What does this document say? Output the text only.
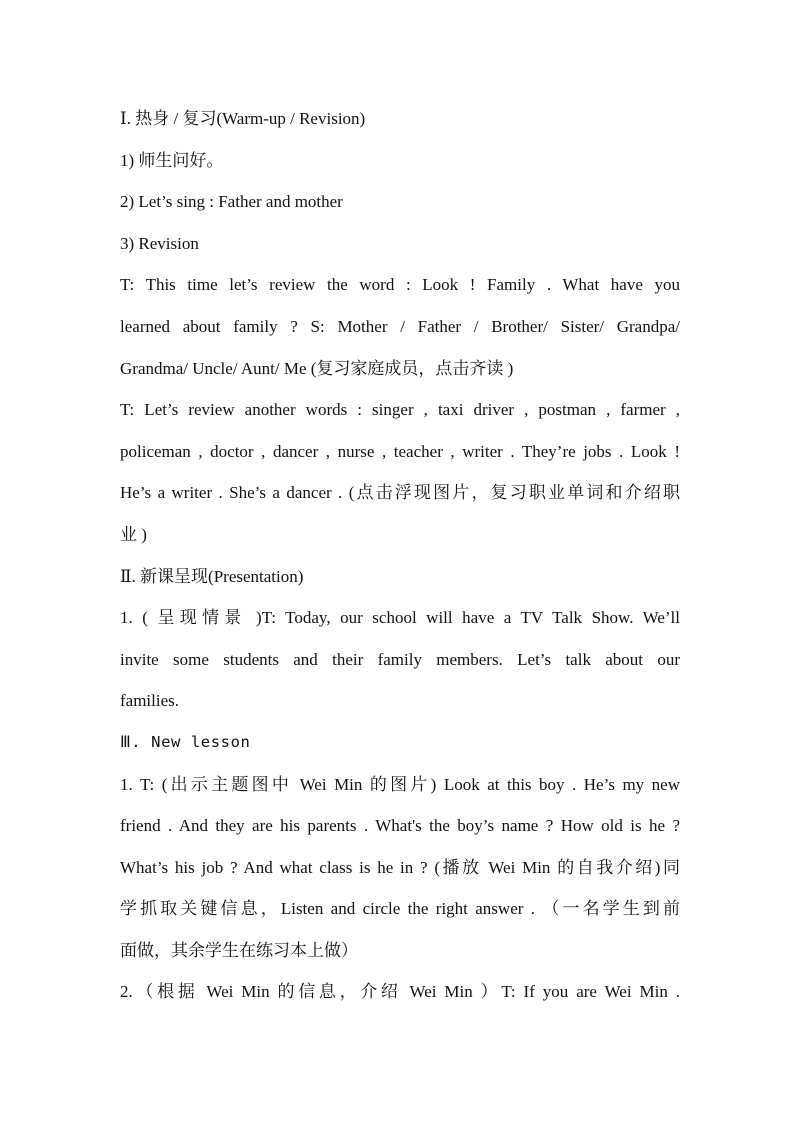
Ⅰ. 热身 / 复习(Warm-up / Revision)
1) 师生问好。
2) Let’s sing : Father and mother
3) Revision
T: This time let’s review the word : Look ! Family . What have you
learned about family ? S: Mother / Father / Brother/ Sister/ Grandpa/
Grandma/ Uncle/ Aunt/ Me (复习家庭成员，点击齐读 )
T: Let’s review another words : singer , taxi driver , postman , farmer ,
policeman , doctor , dancer , nurse , teacher , writer . They’re jobs . Look !
He’s a writer . She’s a dancer . (点击浮现图片，复习职业单词和介绍职
业 )
Ⅱ. 新课呈现(Presentation)
1. ( 呈现情景 )T: Today, our school will have a TV Talk Show. We’ll
invite some students and their family members. Let’s talk about our
families.
Ⅲ. New lesson
1. T: (出示主题图中 Wei Min 的图片) Look at this boy . He’s my new
friend . And they are his parents . What's the boy’s name ? How old is he ?
What’s his job ? And what class is he in ? (播放 Wei Min 的自我介绍)同
学抓取关键信息，Listen and circle the right answer . （一名学生到前
面做，其余学生在练习本上做）
2.（根据 Wei Min 的信息，介绍 Wei Min ）T: If you are Wei Min .
